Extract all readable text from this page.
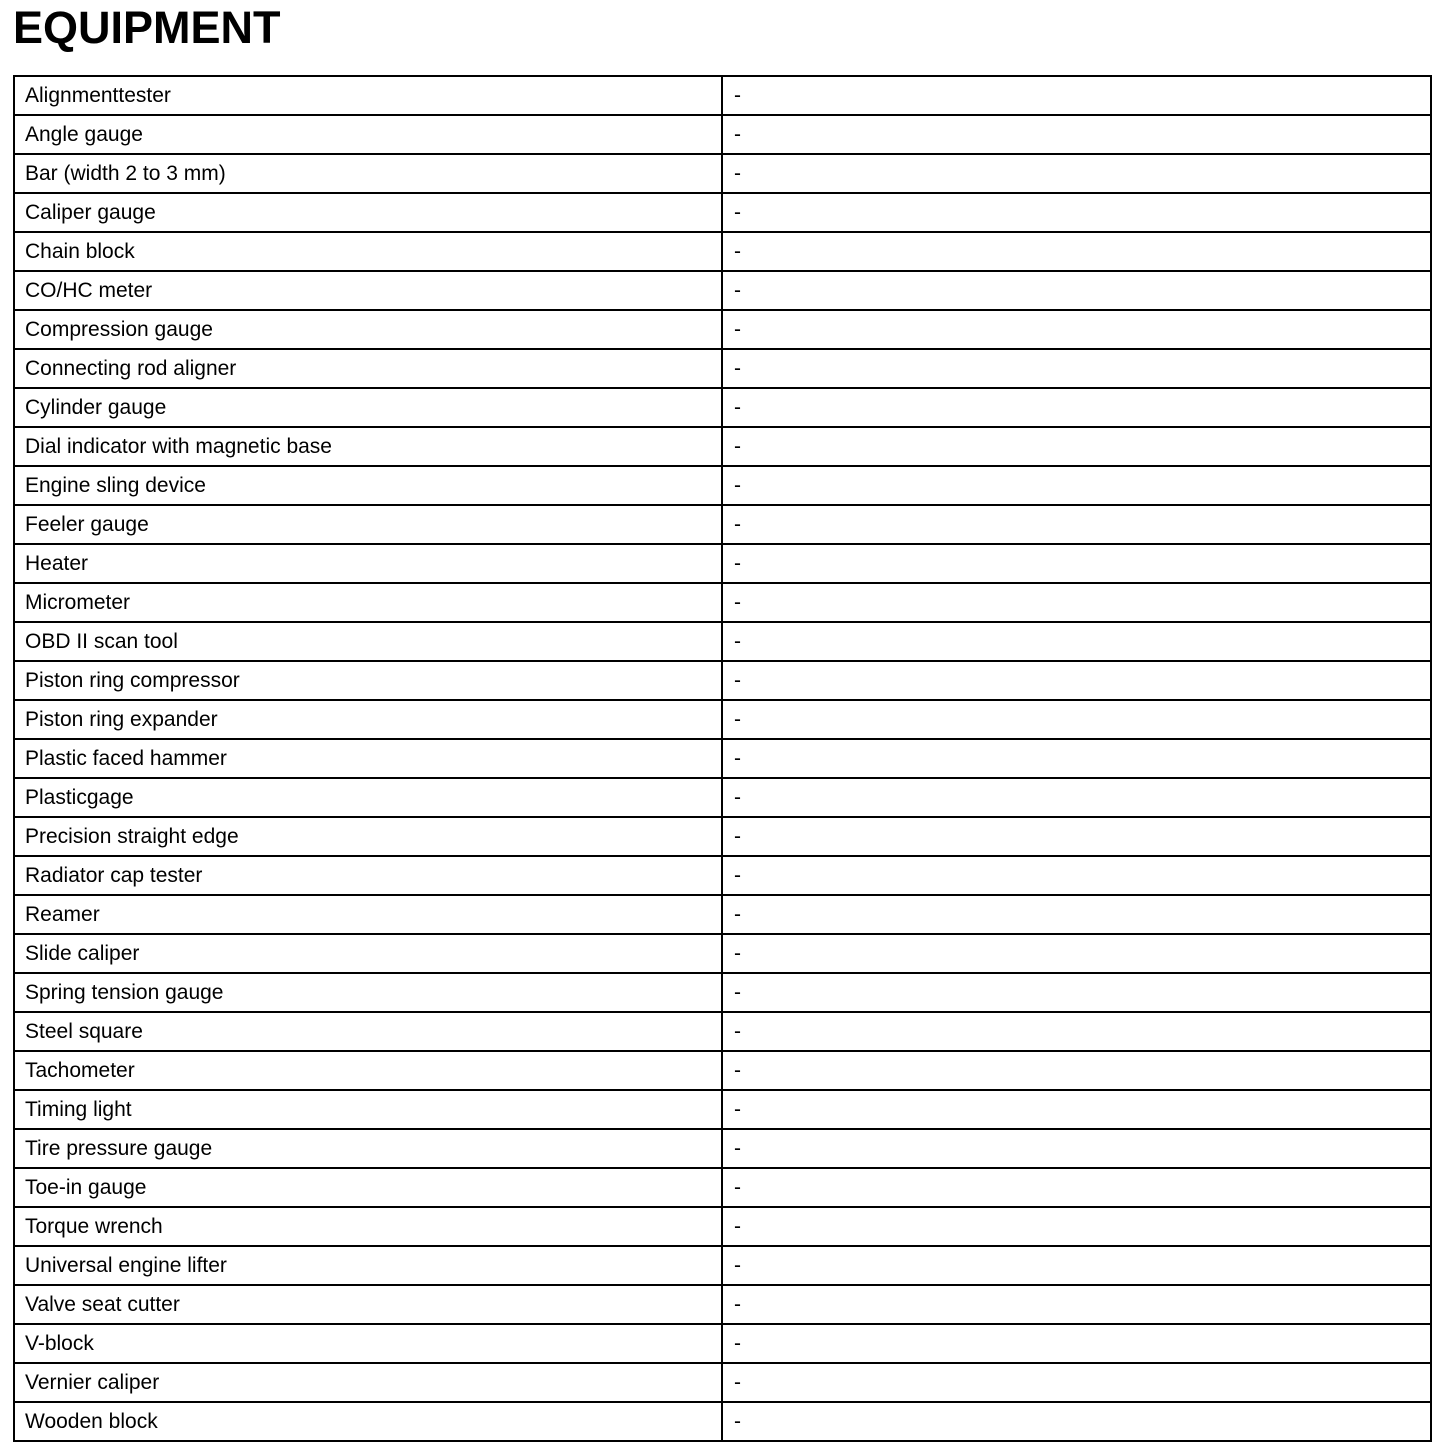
EQUIPMENT
Alignmenttester	-
Angle gauge	-
Bar (width 2 to 3 mm)	-
Caliper gauge	-
Chain block	-
CO/HC meter	-
Compression gauge	-
Connecting rod aligner	-
Cylinder gauge	-
Dial indicator with magnetic base	-
Engine sling device	-
Feeler gauge	-
Heater	-
Micrometer	-
OBD II scan tool	-
Piston ring compressor	-
Piston ring expander	-
Plastic faced hammer	-
Plasticgage	-
Precision straight edge	-
Radiator cap tester	-
Reamer	-
Slide caliper	-
Spring tension gauge	-
Steel square	-
Tachometer	-
Timing light	-
Tire pressure gauge	-
Toe-in gauge	-
Torque wrench	-
Universal engine lifter	-
Valve seat cutter	-
V-block	-
Vernier caliper	-
Wooden block	-
